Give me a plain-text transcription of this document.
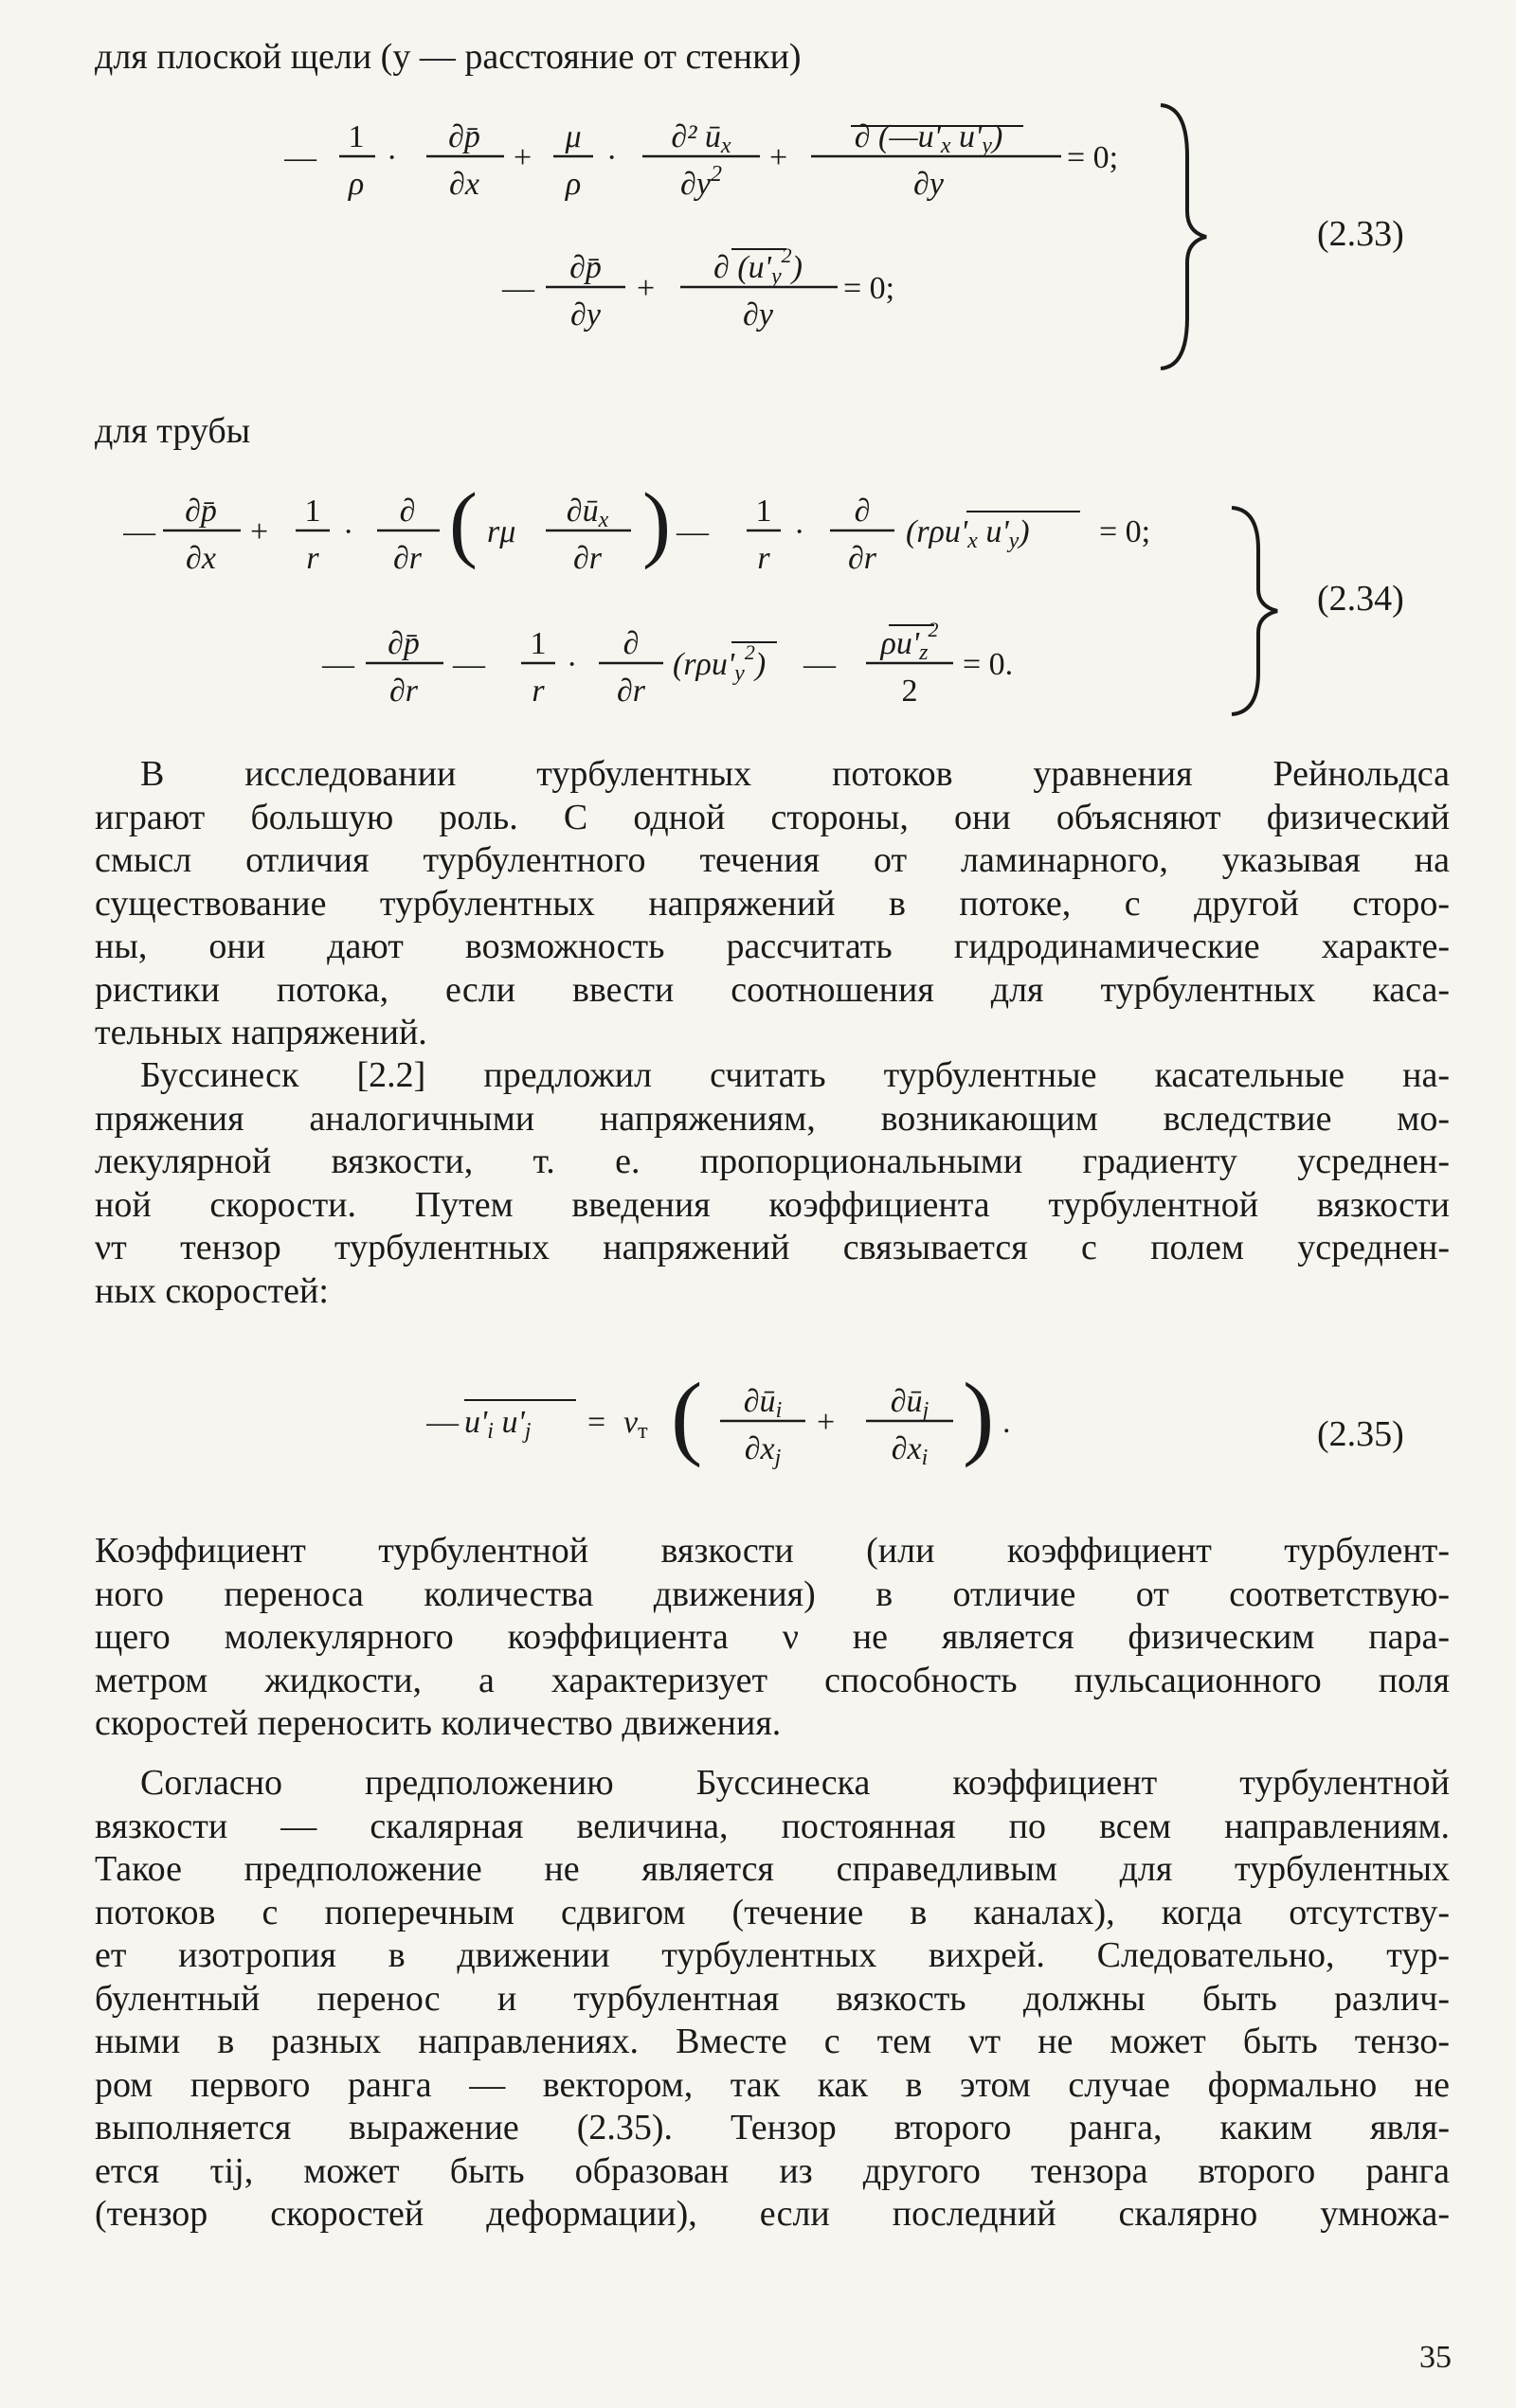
для плоской щели (y — расстояние от стенки)
—
1
ρ
·
∂p̄
∂x
+
μ
ρ
·
∂² ūx
$\partial y^2$ +
∂ (—u'x u'y)
∂y
= 0;
—
∂p̄
∂y
+
∂ $(u'y^2)$
∂y
= 0;
(2.33)
для трубы
—
∂p̄
∂x
+
1
r
·
∂
∂r ( rμ
∂ūx
∂r ) —
1
r
·
∂
∂r
(rρu'x u'y) = 0;
—
∂p̄
∂r
—
1
r
·
∂
∂r
$(r\rho u'y^2)$ —
$\rho u'z^2$
2
= 0.
(2.34)
В исследовании турбулентных потоков уравнения Рейнольдса
играют большую роль. С одной стороны, они объясняют физический
смысл отличия турбулентного течения от ламинарного, указывая на
существование турбулентных напряжений в потоке, с другой сторо-
ны, они дают возможность рассчитать гидродинамические характе-
ристики потока, если ввести соотношения для турбулентных каса-
тельных напряжений.
Буссинеск [2.2] предложил считать турбулентные касательные на-
пряжения аналогичными напряжениям, возникающим вследствие мо-
лекулярной вязкости, т. е. пропорциональными градиенту усреднен-
ной скорости. Путем введения коэффициента турбулентной вязкости
νт тензор турбулентных напряжений связывается с полем усреднен-
ных скоростей:
— u'i u'j = νт ( ∂ūi
∂xj
+
∂ūj
∂xi ) .	(2.35)
Коэффициент турбулентной вязкости (или коэффициент турбулент-
ного переноса количества движения) в отличие от соответствую-
щего молекулярного коэффициента ν не является физическим пара-
метром жидкости, а характеризует способность пульсационного поля
скоростей переносить количество движения.
Согласно предположению Буссинеска коэффициент турбулентной
вязкости — скалярная величина, постоянная по всем направлениям.
Такое предположение не является справедливым для турбулентных
потоков с поперечным сдвигом (течение в каналах), когда отсутству-
ет изотропия в движении турбулентных вихрей. Следовательно, тур-
булентный перенос и турбулентная вязкость должны быть различ-
ными в разных направлениях. Вместе с тем νт не может быть тензо-
ром первого ранга — вектором, так как в этом случае формально не
выполняется выражение (2.35). Тензор второго ранга, каким явля-
ется τij, может быть образован из другого тензора второго ранга
(тензор скоростей деформации), если последний скалярно умножа-
35
